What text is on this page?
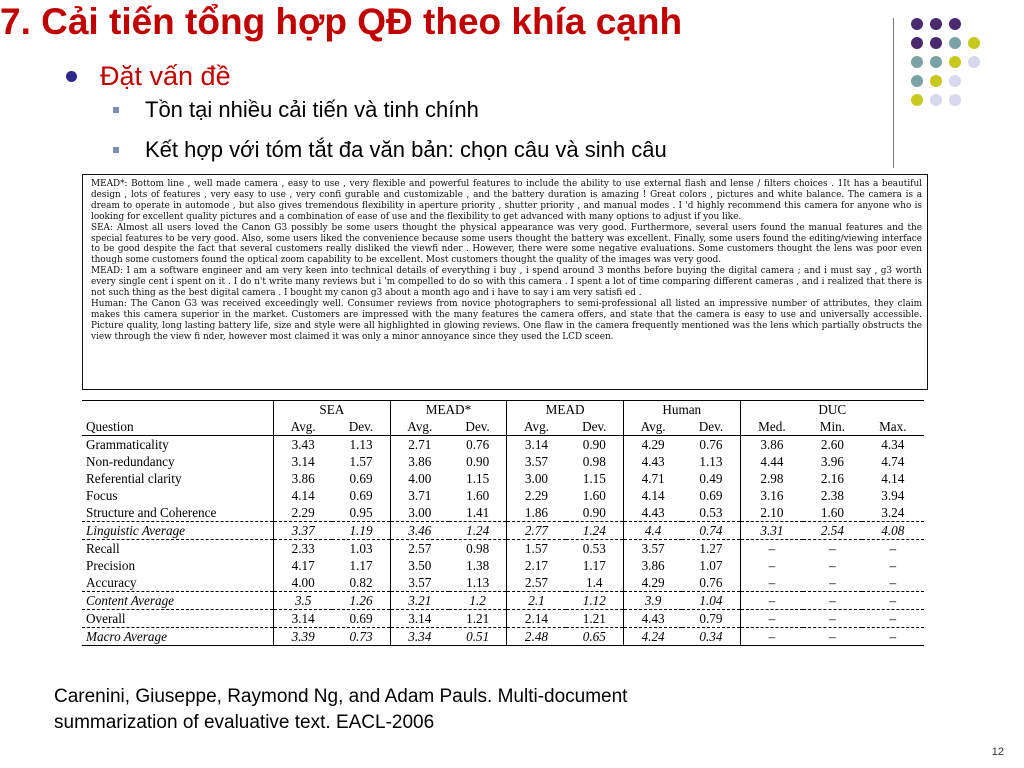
7. Cải tiến tổng hợp QĐ theo khía cạnh
Đặt vấn đề
Tồn tại nhiều cải tiến và tinh chính
Kết hợp với tóm tắt đa văn bản: chọn câu và sinh câu

MEAD*: Bottom line , well made camera , easy to use , very flexible and powerful features to include the ability to use external flash and lense / filters choices . 1It has a beautiful design , lots of features , very easy to use , very confi gurable and customizable , and the battery duration is amazing ! Great colors , pictures and white balance. The camera is a dream to operate in automode , but also gives tremendous flexibility in aperture priority , shutter priority , and manual modes . I 'd highly recommend this camera for anyone who is looking for excellent quality pictures and a combination of ease of use and the flexibility to get advanced with many options to adjust if you like.

SEA: Almost all users loved the Canon G3 possibly be some users thought the physical appearance was very good. Furthermore, several users found the manual features and the special features to be very good. Also, some users liked the convenience because some users thought the battery was excellent. Finally, some users found the editing/viewing interface to be good despite the fact that several customers really disliked the viewfi nder . However, there were some negative evaluations. Some customers thought the lens was poor even though some customers found the optical zoom capability to be excellent. Most customers thought the quality of the images was very good.

MEAD: I am a software engineer and am very keen into technical details of everything i buy , i spend around 3 months before buying the digital camera ; and i must say , g3 worth every single cent i spent on it . I do n't write many reviews but i 'm compelled to do so with this camera . I spent a lot of time comparing different cameras , and i realized that there is not such thing as the best digital camera . I bought my canon g3 about a month ago and i have to say i am very satisfi ed .

Human: The Canon G3 was received exceedingly well. Consumer reviews from novice photographers to semi-professional all listed an impressive number of attributes, they claim makes this camera superior in the market. Customers are impressed with the many features the camera offers, and state that the camera is easy to use and universally accessible. Picture quality, long lasting battery life, size and style were all highlighted in glowing reviews. One flaw in the camera frequently mentioned was the lens which partially obstructs the view through the view fi nder, however most claimed it was only a minor annoyance since they used the LCD sceen.

	SEA		MEAD*		MEAD		Human		DUC		
Question	Avg.	Dev.	Avg.	Dev.	Avg.	Dev.	Avg.	Dev.	Med.	Min.	Max.
Grammaticality	3.43	1.13	2.71	0.76	3.14	0.90	4.29	0.76	3.86	2.60	4.34
Non-redundancy	3.14	1.57	3.86	0.90	3.57	0.98	4.43	1.13	4.44	3.96	4.74
Referential clarity	3.86	0.69	4.00	1.15	3.00	1.15	4.71	0.49	2.98	2.16	4.14
Focus	4.14	0.69	3.71	1.60	2.29	1.60	4.14	0.69	3.16	2.38	3.94
Structure and Coherence	2.29	0.95	3.00	1.41	1.86	0.90	4.43	0.53	2.10	1.60	3.24
Linguistic Average	3.37	1.19	3.46	1.24	2.77	1.24	4.4	0.74	3.31	2.54	4.08
Recall	2.33	1.03	2.57	0.98	1.57	0.53	3.57	1.27	–	–	–
Precision	4.17	1.17	3.50	1.38	2.17	1.17	3.86	1.07	–	–	–
Accuracy	4.00	0.82	3.57	1.13	2.57	1.4	4.29	0.76	–	–	–
Content Average	3.5	1.26	3.21	1.2	2.1	1.12	3.9	1.04	–	–	–
Overall	3.14	0.69	3.14	1.21	2.14	1.21	4.43	0.79	–	–	–
Macro Average	3.39	0.73	3.34	0.51	2.48	0.65	4.24	0.34	–	–	–
Carenini, Giuseppe, Raymond Ng, and Adam Pauls. Multi-document
summarization of evaluative text. EACL-2006
12
